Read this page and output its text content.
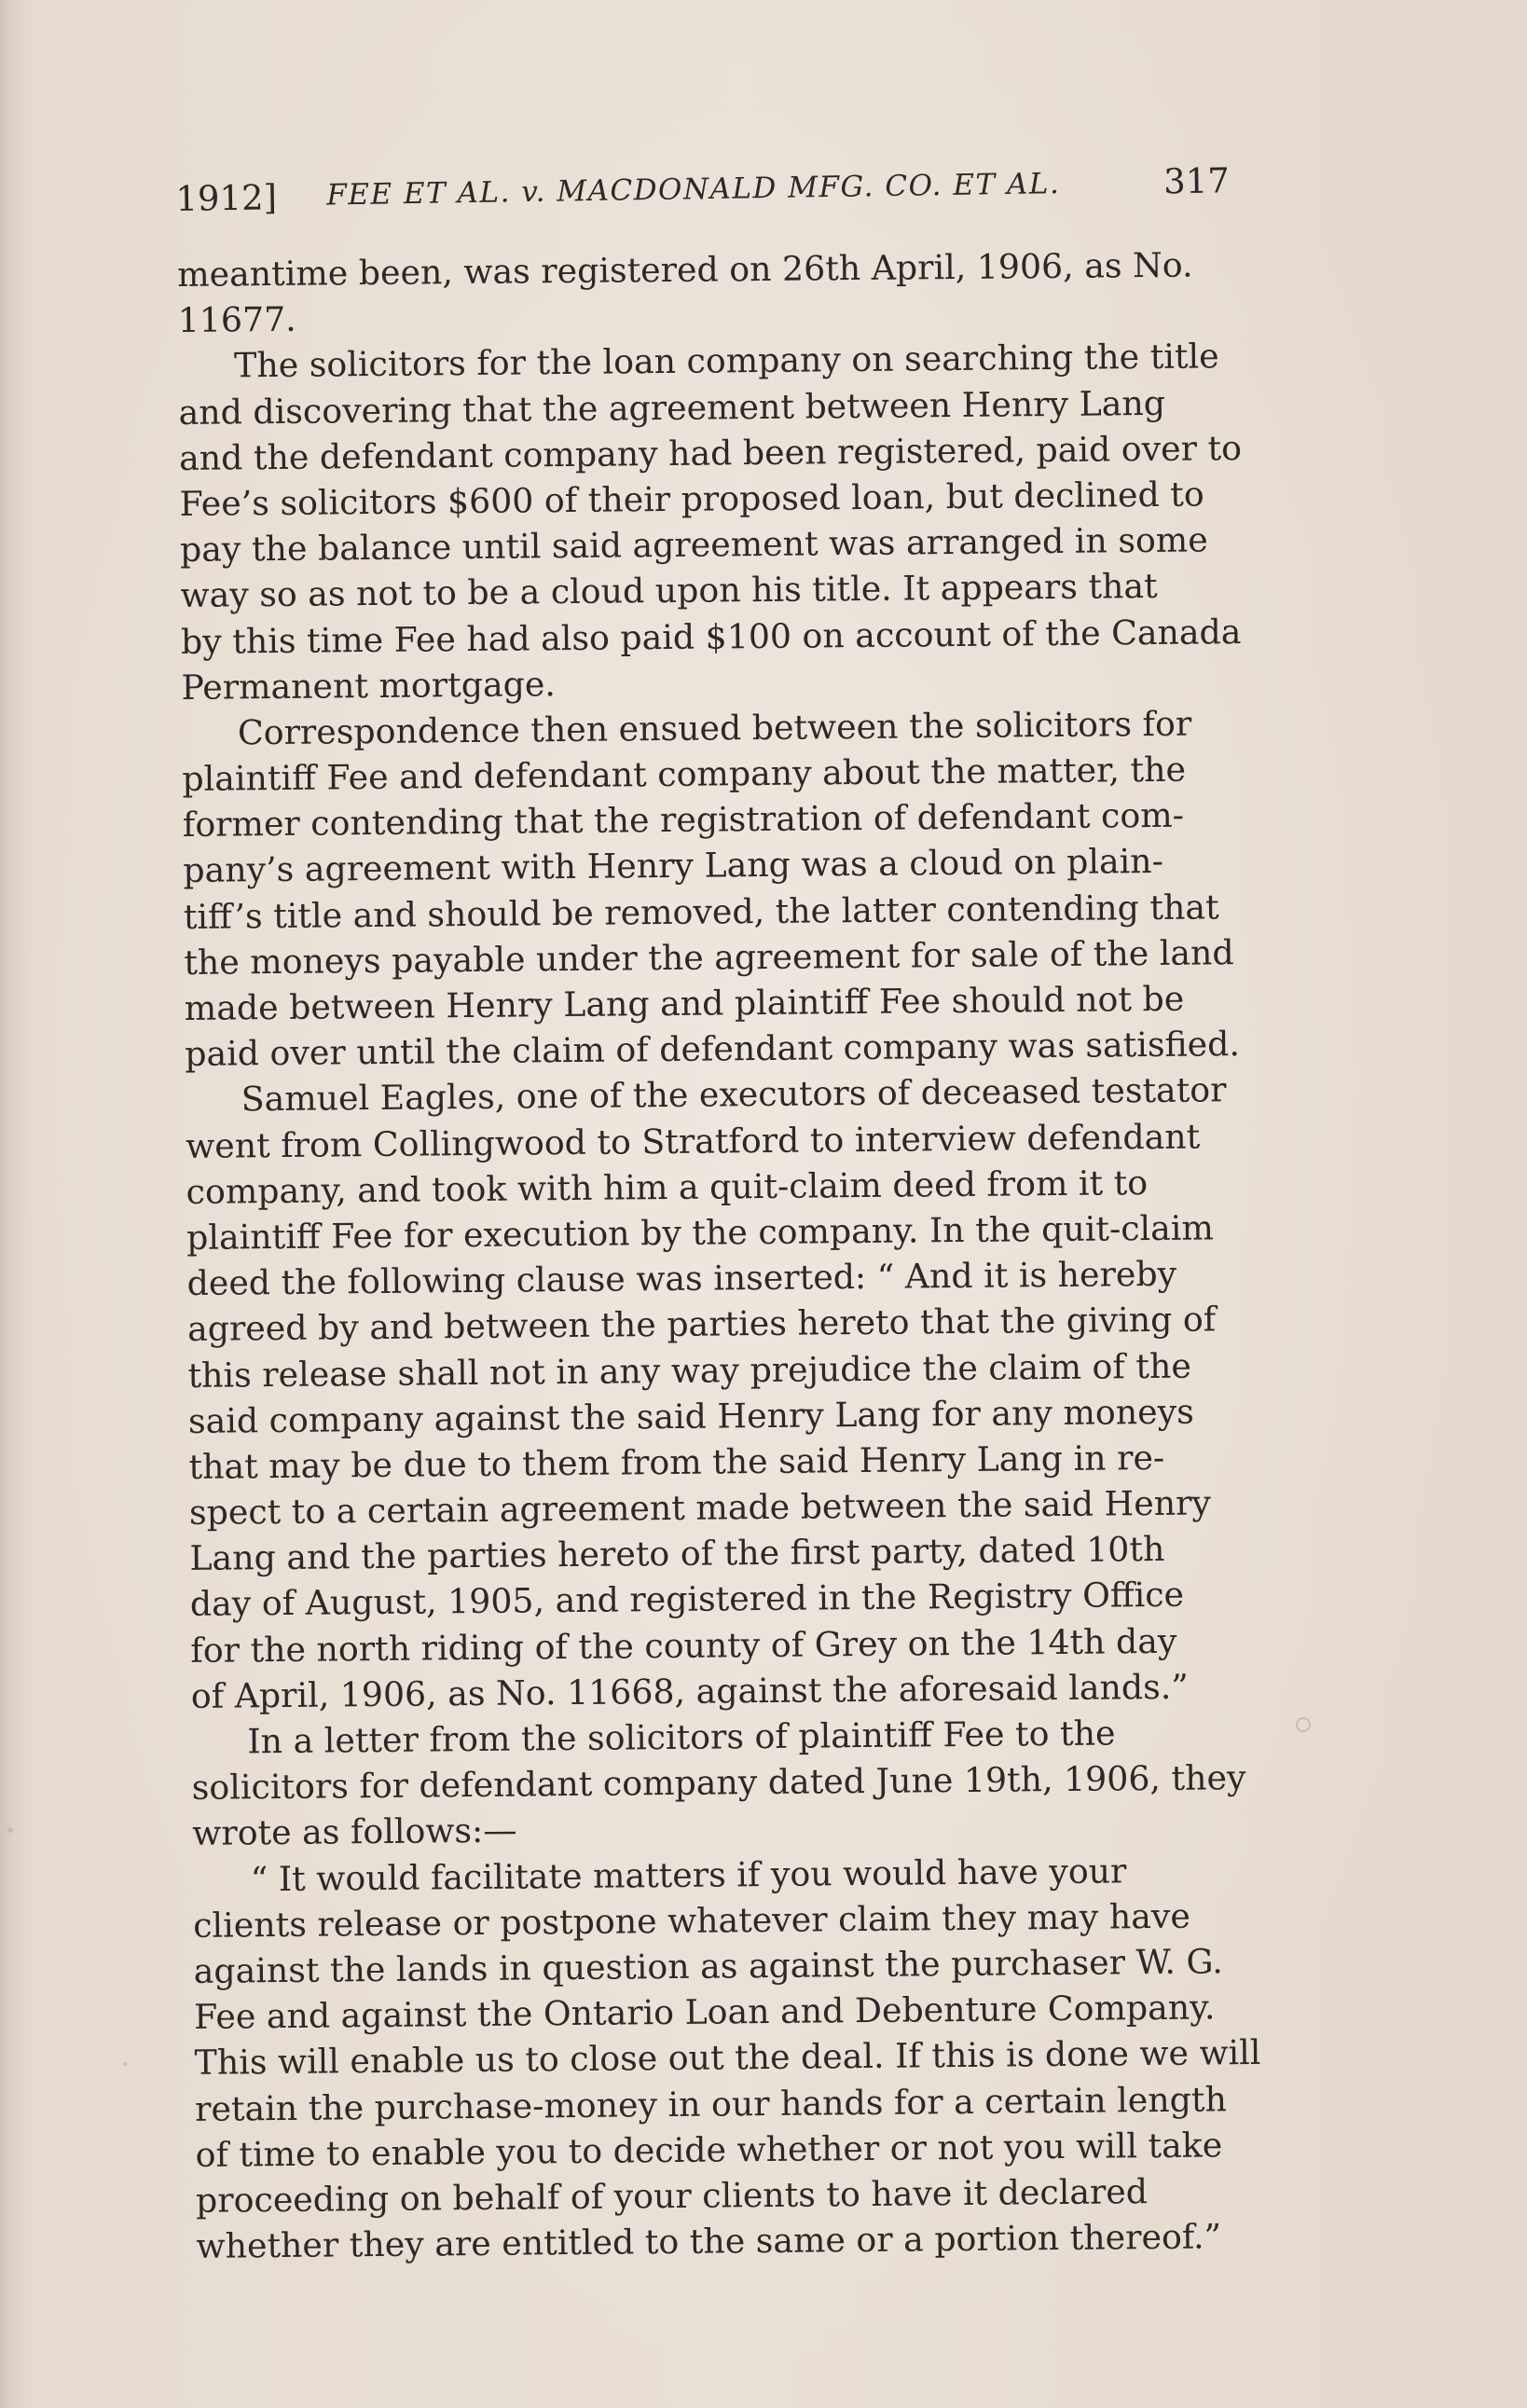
1912] FEE ET AL. v. MACDONALD MFG. CO. ET AL.	317
meantime been, was registered on 26th April, 1906, as No.
11677.
The solicitors for the loan company on searching the title
and discovering that the agreement between Henry Lang
and the defendant company had been registered, paid over to
Fee’s solicitors $600 of their proposed loan, but declined to
pay the balance until said agreement was arranged in some
way so as not to be a cloud upon his title. It appears that
by this time Fee had also paid $100 on account of the Canada
Permanent mortgage.
Correspondence then ensued between the solicitors for
plaintiff Fee and defendant company about the matter, the
former contending that the registration of defendant com-
pany’s agreement with Henry Lang was a cloud on plain-
tiff’s title and should be removed, the latter contending that
the moneys payable under the agreement for sale of the land
made between Henry Lang and plaintiff Fee should not be
paid over until the claim of defendant company was satisfied.
Samuel Eagles, one of the executors of deceased testator
went from Collingwood to Stratford to interview defendant
company, and took with him a quit-claim deed from it to
plaintiff Fee for execution by the company. In the quit-claim
deed the following clause was inserted: “ And it is hereby
agreed by and between the parties hereto that the giving of
this release shall not in any way prejudice the claim of the
said company against the said Henry Lang for any moneys
that may be due to them from the said Henry Lang in re-
spect to a certain agreement made between the said Henry
Lang and the parties hereto of the first party, dated 10th
day of August, 1905, and registered in the Registry Office
for the north riding of the county of Grey on the 14th day
of April, 1906, as No. 11668, against the aforesaid lands.”
In a letter from the solicitors of plaintiff Fee to the
solicitors for defendant company dated June 19th, 1906, they
wrote as follows:—
“ It would facilitate matters if you would have your
clients release or postpone whatever claim they may have
against the lands in question as against the purchaser W. G.
Fee and against the Ontario Loan and Debenture Company.
This will enable us to close out the deal. If this is done we will
retain the purchase-money in our hands for a certain length
of time to enable you to decide whether or not you will take
proceeding on behalf of your clients to have it declared
whether they are entitled to the same or a portion thereof.”
